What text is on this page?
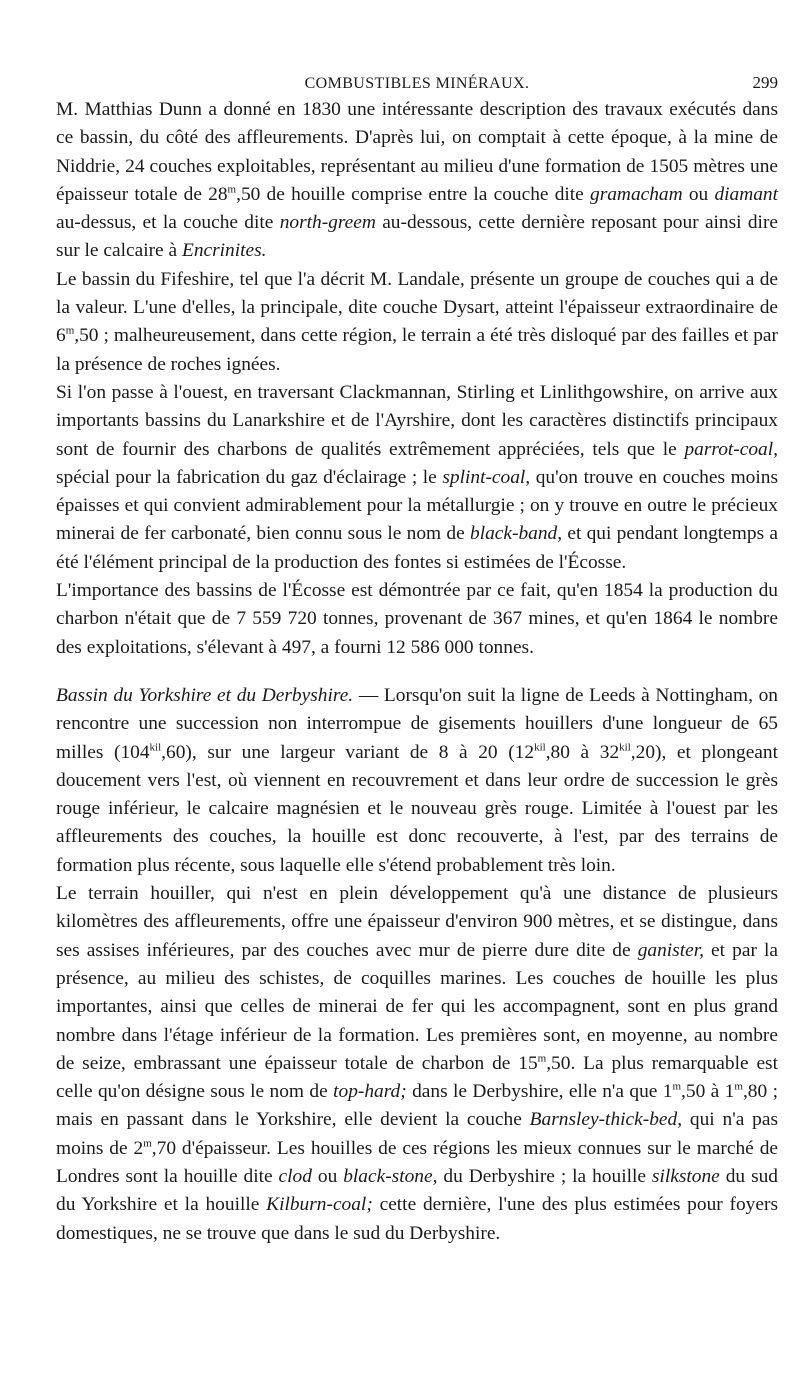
COMBUSTIBLES MINÉRAUX.	299

M. Matthias Dunn a donné en 1830 une intéressante description des travaux exécutés dans ce bassin, du côté des affleurements. D'après lui, on comptait à cette époque, à la mine de Niddrie, 24 couches exploitables, représentant au milieu d'une formation de 1505 mètres une épaisseur totale de 28$^m$,50 de houille comprise entre la couche dite gramacham ou diamant au-dessus, et la couche dite north-greem au-dessous, cette dernière reposant pour ainsi dire sur le calcaire à Encrinites.

Le bassin du Fifeshire, tel que l'a décrit M. Landale, présente un groupe de couches qui a de la valeur. L'une d'elles, la principale, dite couche Dysart, atteint l'épaisseur extraordinaire de 6$^m$,50 ; malheureusement, dans cette région, le terrain a été très disloqué par des failles et par la présence de roches ignées.

Si l'on passe à l'ouest, en traversant Clackmannan, Stirling et Linlithgowshire, on arrive aux importants bassins du Lanarkshire et de l'Ayrshire, dont les caractères distinctifs principaux sont de fournir des charbons de qualités extrêmement appréciées, tels que le parrot-coal, spécial pour la fabrication du gaz d'éclairage ; le splint-coal, qu'on trouve en couches moins épaisses et qui convient admirablement pour la métallurgie ; on y trouve en outre le précieux minerai de fer carbonaté, bien connu sous le nom de black-band, et qui pendant longtemps a été l'élément principal de la production des fontes si estimées de l'Écosse.

L'importance des bassins de l'Écosse est démontrée par ce fait, qu'en 1854 la production du charbon n'était que de 7 559 720 tonnes, provenant de 367 mines, et qu'en 1864 le nombre des exploitations, s'élevant à 497, a fourni 12 586 000 tonnes.

Bassin du Yorkshire et du Derbyshire. — Lorsqu'on suit la ligne de Leeds à Nottingham, on rencontre une succession non interrompue de gisements houillers d'une longueur de 65 milles $(104^{kil},60)$, sur une largeur variant de 8 à 20 ($12^{kil},80$ à $32^{kil},20$), et plongeant doucement vers l'est, où viennent en recouvrement et dans leur ordre de succession le grès rouge inférieur, le calcaire magnésien et le nouveau grès rouge. Limitée à l'ouest par les affleurements des couches, la houille est donc recouverte, à l'est, par des terrains de formation plus récente, sous laquelle elle s'étend probablement très loin.

Le terrain houiller, qui n'est en plein développement qu'à une distance de plusieurs kilomètres des affleurements, offre une épaisseur d'environ 900 mètres, et se distingue, dans ses assises inférieures, par des couches avec mur de pierre dure dite de ganister, et par la présence, au milieu des schistes, de coquilles marines. Les couches de houille les plus importantes, ainsi que celles de minerai de fer qui les accompagnent, sont en plus grand nombre dans l'étage inférieur de la formation. Les premières sont, en moyenne, au nombre de seize, embrassant une épaisseur totale de charbon de 15$^m$,50. La plus remarquable est celle qu'on désigne sous le nom de top-hard; dans le Derbyshire, elle n'a que 1$^m$,50 à 1$^m$,80 ; mais en passant dans le Yorkshire, elle devient la couche Barnsley-thick-bed, qui n'a pas moins de 2$^m$,70 d'épaisseur. Les houilles de ces régions les mieux connues sur le marché de Londres sont la houille dite clod ou black-stone, du Derbyshire ; la houille silkstone du sud du Yorkshire et la houille Kilburn-coal; cette dernière, l'une des plus estimées pour foyers domestiques, ne se trouve que dans le sud du Derbyshire.
